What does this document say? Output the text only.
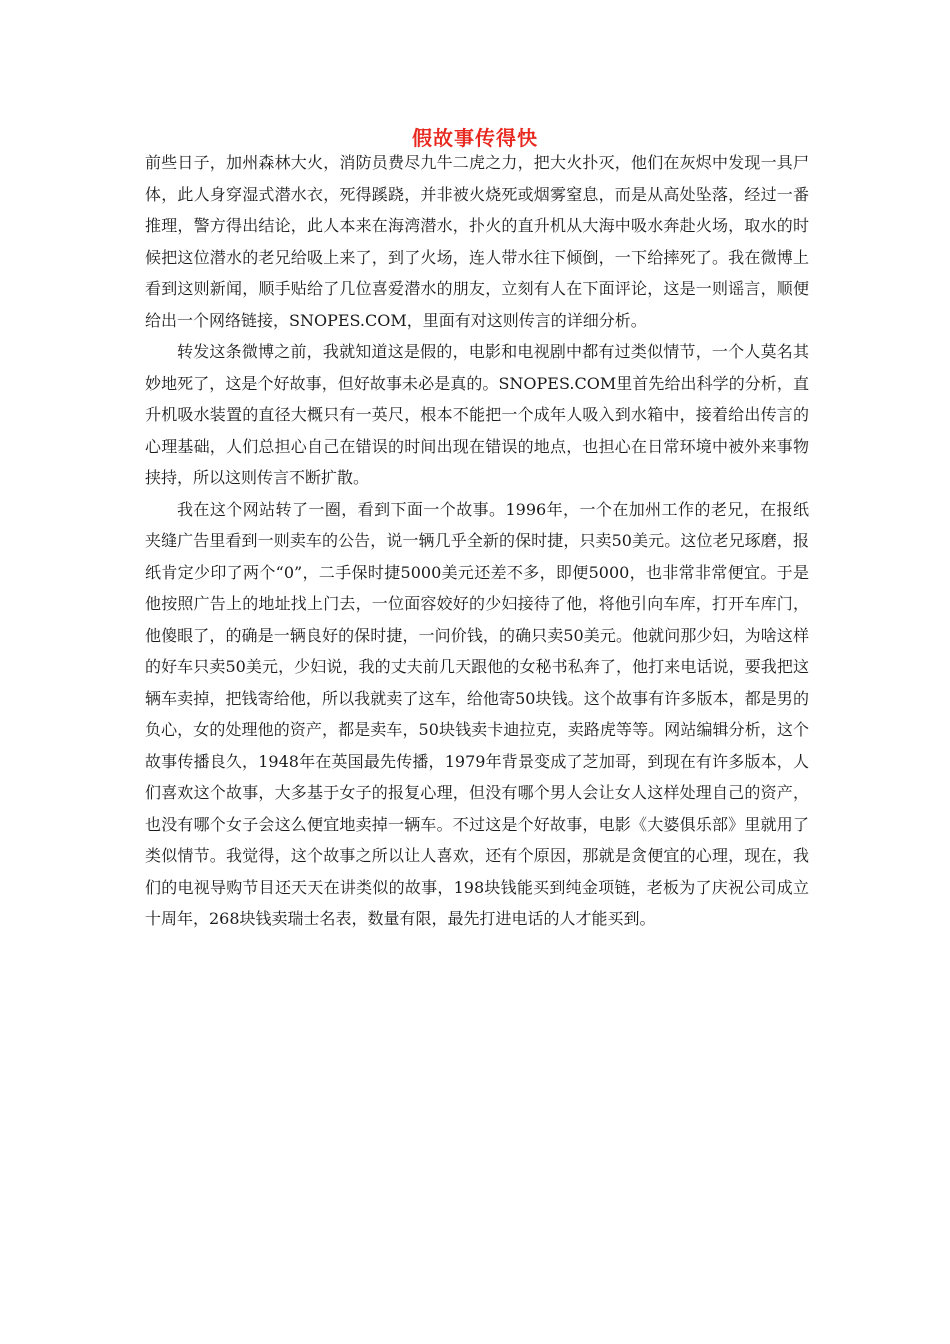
假故事传得快

前些日子，加州森林大火，消防员费尽九牛二虎之力，把大火扑灭，他们在灰烬中发现一具尸体，此人身穿湿式潜水衣，死得蹊跷，并非被火烧死或烟雾窒息，而是从高处坠落，经过一番推理，警方得出结论，此人本来在海湾潜水，扑火的直升机从大海中吸水奔赴火场，取水的时候把这位潜水的老兄给吸上来了，到了火场，连人带水往下倾倒，一下给摔死了。我在微博上看到这则新闻，顺手贴给了几位喜爱潜水的朋友，立刻有人在下面评论，这是一则谣言，顺便给出一个网络链接，SNOPES.COM，里面有对这则传言的详细分析。

转发这条微博之前，我就知道这是假的，电影和电视剧中都有过类似情节，一个人莫名其妙地死了，这是个好故事，但好故事未必是真的。SNOPES.COM里首先给出科学的分析，直升机吸水装置的直径大概只有一英尺，根本不能把一个成年人吸入到水箱中，接着给出传言的心理基础，人们总担心自己在错误的时间出现在错误的地点，也担心在日常环境中被外来事物挟持，所以这则传言不断扩散。

我在这个网站转了一圈，看到下面一个故事。1996年，一个在加州工作的老兄，在报纸夹缝广告里看到一则卖车的公告，说一辆几乎全新的保时捷，只卖50美元。这位老兄琢磨，报纸肯定少印了两个“0”，二手保时捷5000美元还差不多，即便5000，也非常非常便宜。于是他按照广告上的地址找上门去，一位面容姣好的少妇接待了他，将他引向车库，打开车库门，他傻眼了，的确是一辆良好的保时捷，一问价钱，的确只卖50美元。他就问那少妇，为啥这样的好车只卖50美元，少妇说，我的丈夫前几天跟他的女秘书私奔了，他打来电话说，要我把这辆车卖掉，把钱寄给他，所以我就卖了这车，给他寄50块钱。这个故事有许多版本，都是男的负心，女的处理他的资产，都是卖车，50块钱卖卡迪拉克，卖路虎等等。网站编辑分析，这个故事传播良久，1948年在英国最先传播，1979年背景变成了芝加哥，到现在有许多版本，人们喜欢这个故事，大多基于女子的报复心理，但没有哪个男人会让女人这样处理自己的资产，也没有哪个女子会这么便宜地卖掉一辆车。不过这是个好故事，电影《大婆俱乐部》里就用了类似情节。我觉得，这个故事之所以让人喜欢，还有个原因，那就是贪便宜的心理，现在，我们的电视导购节目还天天在讲类似的故事，198块钱能买到纯金项链，老板为了庆祝公司成立十周年，268块钱卖瑞士名表，数量有限，最先打进电话的人才能买到。
